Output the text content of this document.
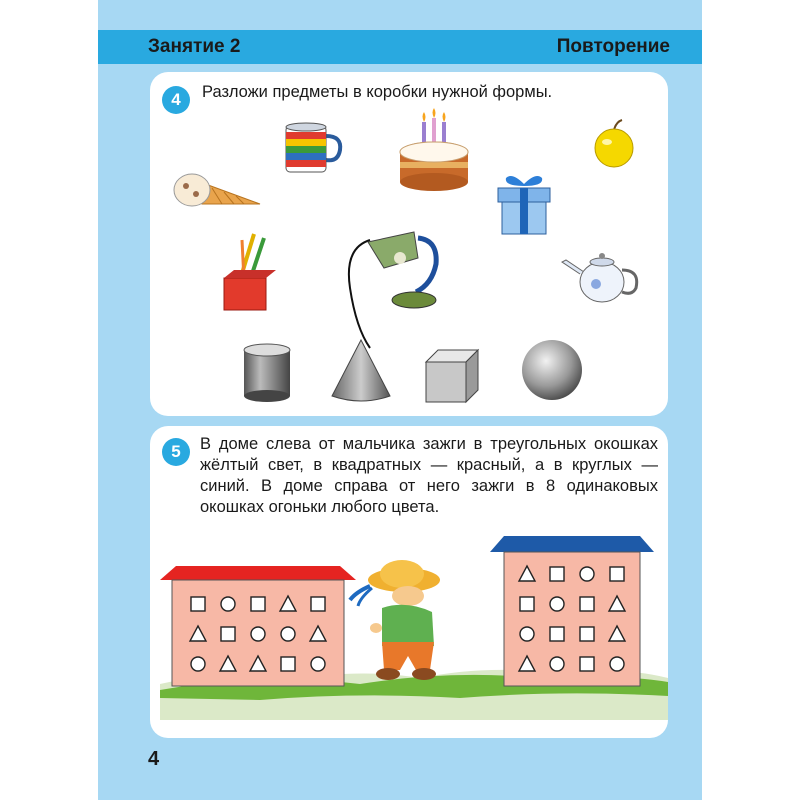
Занятие 2	Повторение
4	Разложи предметы в коробки нужной формы.
5	В доме слева от мальчика зажги в треугольных окошках жёлтый свет, в квадратных — красный, а в круглых — синий. В доме справа от него зажги в 8 одинаковых окошках огоньки любого цвета.
4
